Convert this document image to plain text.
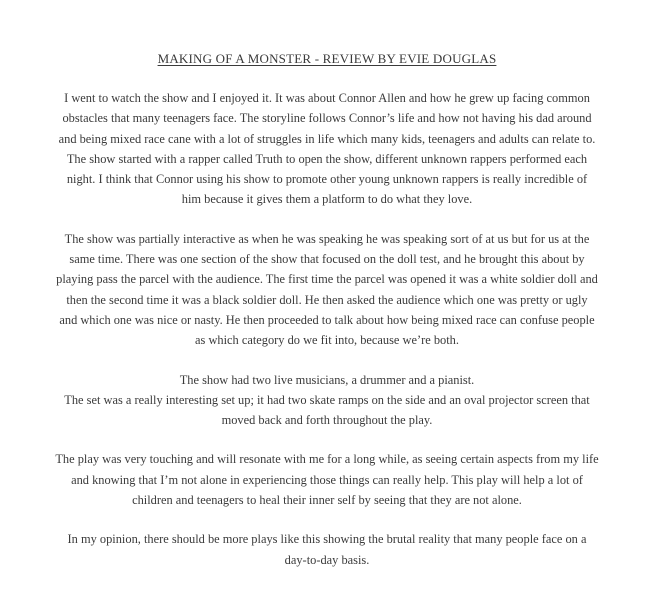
MAKING OF A MONSTER - REVIEW BY EVIE DOUGLAS
I went to watch the show and I enjoyed it. It was about Connor Allen and how he grew up facing common
obstacles that many teenagers face. The storyline follows Connor’s life and how not having his dad around
and being mixed race cane with a lot of struggles in life which many kids, teenagers and adults can relate to.
The show started with a rapper called Truth to open the show, different unknown rappers performed each
night. I think that Connor using his show to promote other young unknown rappers is really incredible of
him because it gives them a platform to do what they love.
The show was partially interactive as when he was speaking he was speaking sort of at us but for us at the
same time. There was one section of the show that focused on the doll test, and he brought this about by
playing pass the parcel with the audience. The first time the parcel was opened it was a white soldier doll and
then the second time it was a black soldier doll. He then asked the audience which one was pretty or ugly
and which one was nice or nasty. He then proceeded to talk about how being mixed race can confuse people
as which category do we fit into, because we’re both.
The show had two live musicians, a drummer and a pianist.
The set was a really interesting set up; it had two skate ramps on the side and an oval projector screen that
moved back and forth throughout the play.
The play was very touching and will resonate with me for a long while, as seeing certain aspects from my life
and knowing that I’m not alone in experiencing those things can really help. This play will help a lot of
children and teenagers to heal their inner self by seeing that they are not alone.
In my opinion, there should be more plays like this showing the brutal reality that many people face on a
day-to-day basis.
